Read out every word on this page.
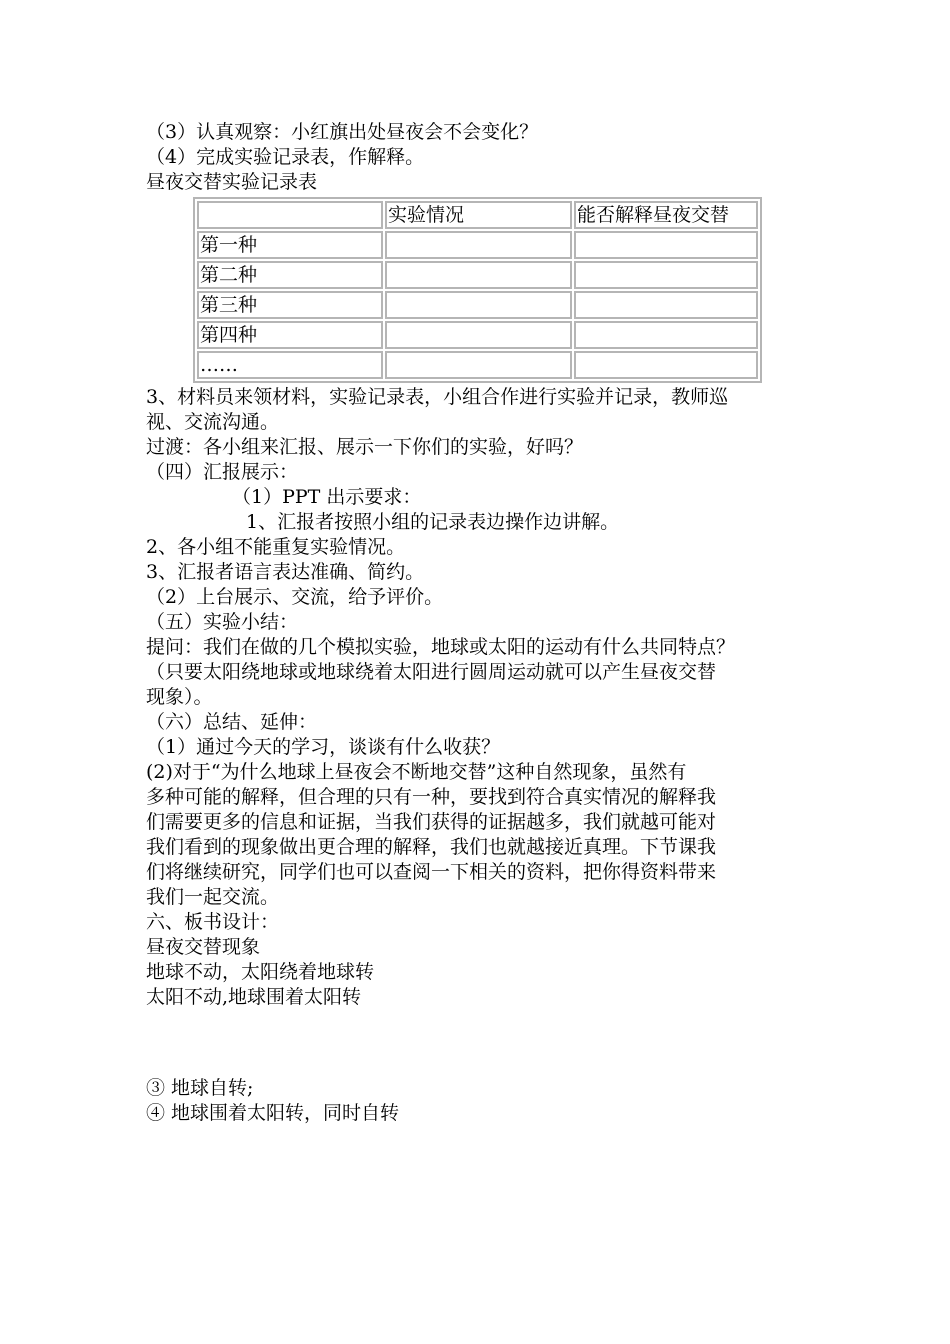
（3）认真观察：小红旗出处昼夜会不会变化？
（4）完成实验记录表，作解释。
昼夜交替实验记录表
	实验情况	能否解释昼夜交替
第一种		
第二种		
第三种		
第四种		
……		
3、材料员来领材料，实验记录表，小组合作进行实验并记录，教师巡
视、交流沟通。
过渡：各小组来汇报、展示一下你们的实验，好吗？
（四）汇报展示：
（1）PPT 出示要求：
1、汇报者按照小组的记录表边操作边讲解。
2、各小组不能重复实验情况。
3、汇报者语言表达准确、简约。
（2）上台展示、交流，给予评价。
（五）实验小结：
提问：我们在做的几个模拟实验，地球或太阳的运动有什么共同特点？
（只要太阳绕地球或地球绕着太阳进行圆周运动就可以产生昼夜交替
现象）。
（六）总结、延伸：
（1）通过今天的学习，谈谈有什么收获？
(2)对于“为什么地球上昼夜会不断地交替”这种自然现象，虽然有
多种可能的解释，但合理的只有一种，要找到符合真实情况的解释我
们需要更多的信息和证据，当我们获得的证据越多，我们就越可能对
我们看到的现象做出更合理的解释，我们也就越接近真理。下节课我
们将继续研究，同学们也可以查阅一下相关的资料，把你得资料带来
我们一起交流。
六、板书设计：
昼夜交替现象
地球不动，太阳绕着地球转
太阳不动,地球围着太阳转
③ 地球自转;
④ 地球围着太阳转，同时自转
